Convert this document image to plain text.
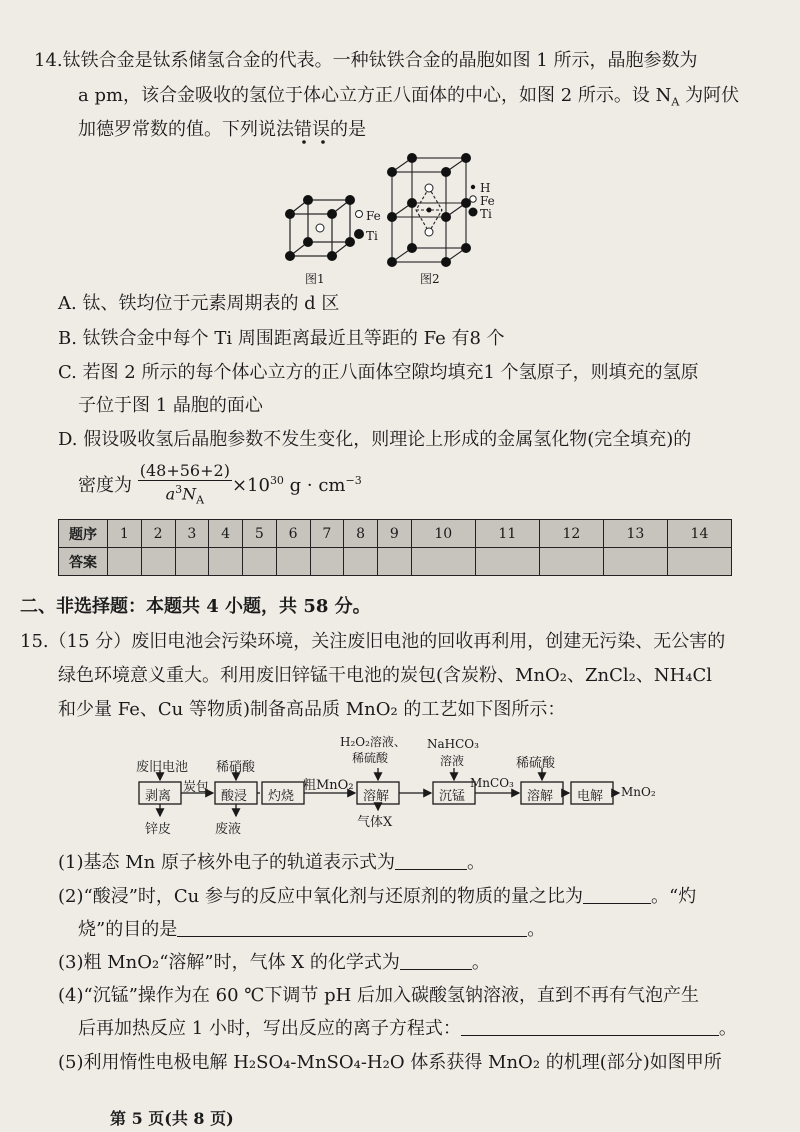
14.钛铁合金是钛系储氢合金的代表。一种钛铁合金的晶胞如图 1 所示，晶胞参数为
a pm，该合金吸收的氢位于体心立方正八面体的中心，如图 2 所示。设 $N_A$ 为阿伏
加德罗常数的值。下列说法错误的是
Fe
Ti
图1
H
Fe
Ti
图2
A. 钛、铁均位于元素周期表的 d 区
B. 钛铁合金中每个 Ti 周围距离最近且等距的 Fe 有8 个
C. 若图 2 所示的每个体心立方的正八面体空隙均填充1 个氢原子，则填充的氢原
子位于图 1 晶胞的面心
D. 假设吸收氢后晶胞参数不发生变化，则理论上形成的金属氢化物(完全填充)的
密度为 $\frac{(48+56+2)}{a^3N_A} \times 10^{30}$ $g \cdot cm^{-3}$
题序	1	2	3	4	5	6	7	8	9	10	11	12	13	14
答案														
二、非选择题：本题共 4 小题，共 58 分。
15.（15 分）废旧电池会污染环境，关注废旧电池的回收再利用，创建无污染、无公害的
绿色环境意义重大。利用废旧锌锰干电池的炭包(含炭粉、MnO₂、ZnCl₂、NH₄Cl
和少量 Fe、Cu 等物质)制备高品质 MnO₂ 的工艺如下图所示：
废旧电池
剥离
锌皮
炭包
稀硝酸
酸浸
废液
灼烧
粗MnO₂
H₂O₂溶液、
稀硫酸
溶解
气体X
NaHCO₃
溶液
沉锰
MnCO₃
稀硫酸
溶解 电解 MnO₂
(1)基态 Mn 原子核外电子的轨道表示式为	。
(2)“酸浸”时，Cu 参与的反应中氧化剂与还原剂的物质的量之比为	。“灼
烧”的目的是	。
(3)粗 MnO₂“溶解”时，气体 X 的化学式为	。
(4)“沉锰”操作为在 60 ℃下调节 pH 后加入碳酸氢钠溶液，直到不再有气泡产生
后再加热反应 1 小时，写出反应的离子方程式：	。
(5)利用惰性电极电解 H₂SO₄-MnSO₄-H₂O 体系获得 MnO₂ 的机理(部分)如图甲所
第 5 页(共 8 页)
